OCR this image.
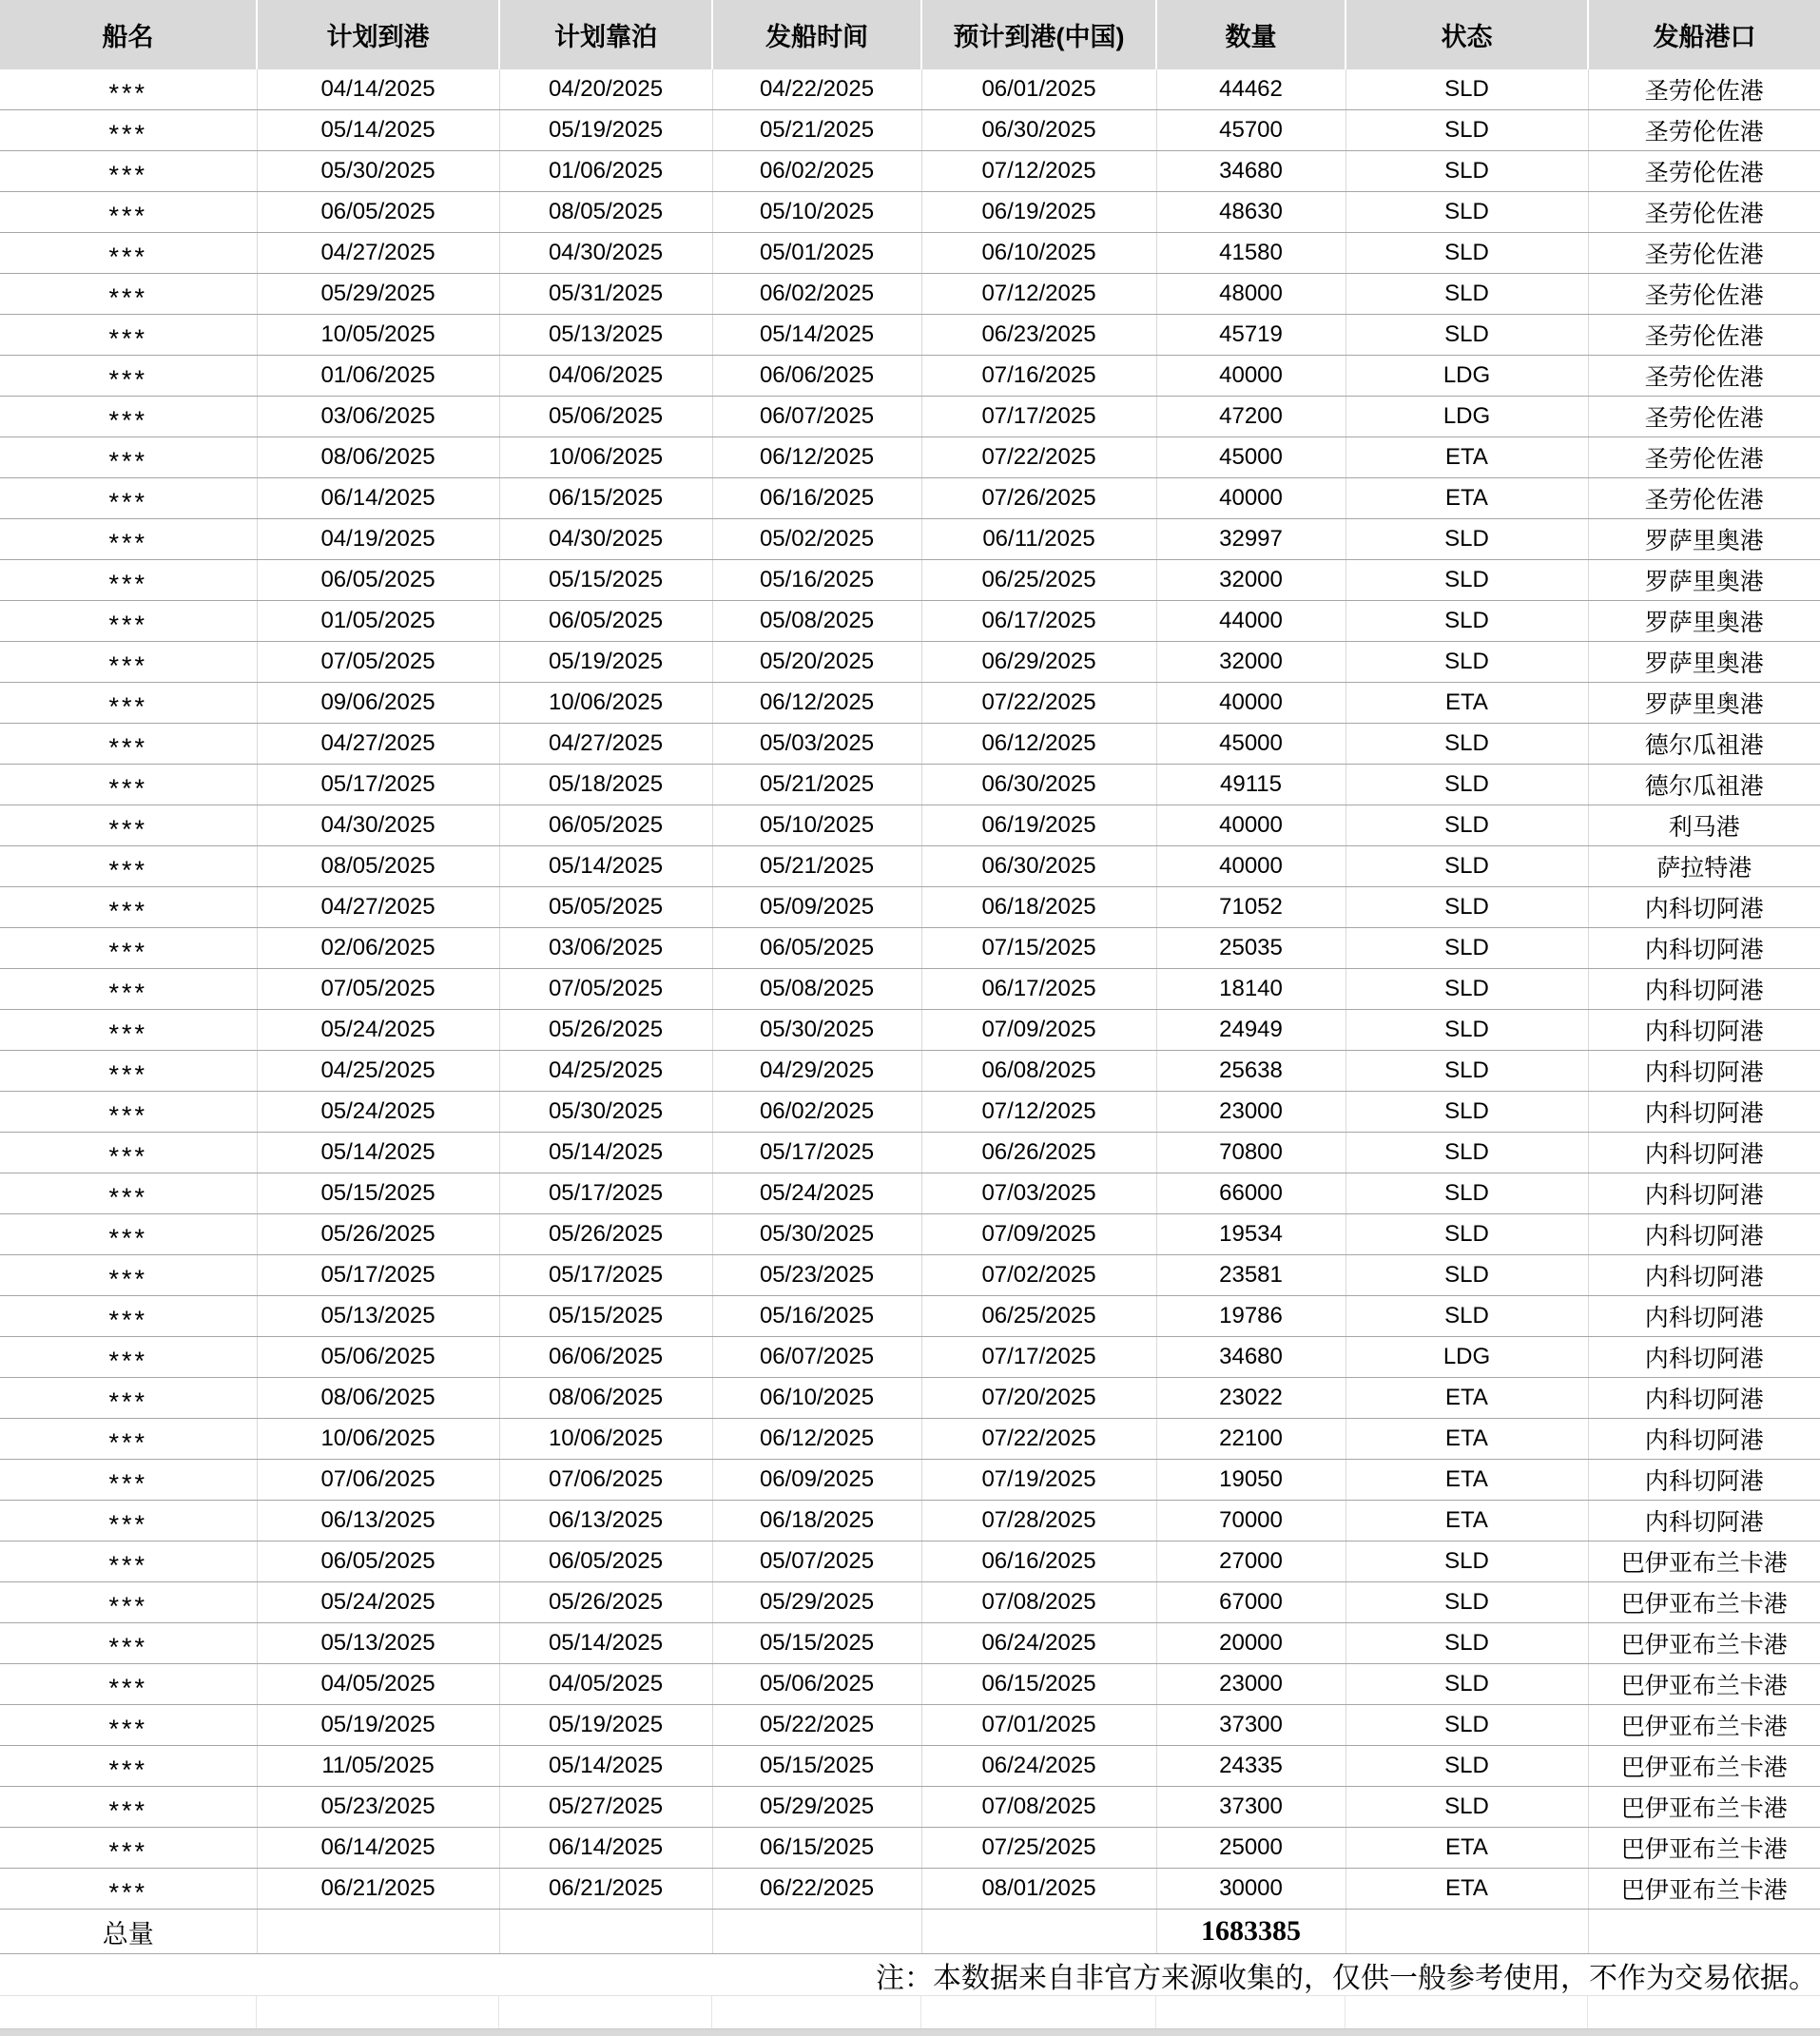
船名	计划到港	计划靠泊	发船时间	预计到港(中国)	数量	状态	发船港口
***	04/14/2025	04/20/2025	04/22/2025	06/01/2025	44462	SLD	圣劳伦佐港
***	05/14/2025	05/19/2025	05/21/2025	06/30/2025	45700	SLD	圣劳伦佐港
***	05/30/2025	01/06/2025	06/02/2025	07/12/2025	34680	SLD	圣劳伦佐港
***	06/05/2025	08/05/2025	05/10/2025	06/19/2025	48630	SLD	圣劳伦佐港
***	04/27/2025	04/30/2025	05/01/2025	06/10/2025	41580	SLD	圣劳伦佐港
***	05/29/2025	05/31/2025	06/02/2025	07/12/2025	48000	SLD	圣劳伦佐港
***	10/05/2025	05/13/2025	05/14/2025	06/23/2025	45719	SLD	圣劳伦佐港
***	01/06/2025	04/06/2025	06/06/2025	07/16/2025	40000	LDG	圣劳伦佐港
***	03/06/2025	05/06/2025	06/07/2025	07/17/2025	47200	LDG	圣劳伦佐港
***	08/06/2025	10/06/2025	06/12/2025	07/22/2025	45000	ETA	圣劳伦佐港
***	06/14/2025	06/15/2025	06/16/2025	07/26/2025	40000	ETA	圣劳伦佐港
***	04/19/2025	04/30/2025	05/02/2025	06/11/2025	32997	SLD	罗萨里奥港
***	06/05/2025	05/15/2025	05/16/2025	06/25/2025	32000	SLD	罗萨里奥港
***	01/05/2025	06/05/2025	05/08/2025	06/17/2025	44000	SLD	罗萨里奥港
***	07/05/2025	05/19/2025	05/20/2025	06/29/2025	32000	SLD	罗萨里奥港
***	09/06/2025	10/06/2025	06/12/2025	07/22/2025	40000	ETA	罗萨里奥港
***	04/27/2025	04/27/2025	05/03/2025	06/12/2025	45000	SLD	德尔瓜祖港
***	05/17/2025	05/18/2025	05/21/2025	06/30/2025	49115	SLD	德尔瓜祖港
***	04/30/2025	06/05/2025	05/10/2025	06/19/2025	40000	SLD	利马港
***	08/05/2025	05/14/2025	05/21/2025	06/30/2025	40000	SLD	萨拉特港
***	04/27/2025	05/05/2025	05/09/2025	06/18/2025	71052	SLD	内科切阿港
***	02/06/2025	03/06/2025	06/05/2025	07/15/2025	25035	SLD	内科切阿港
***	07/05/2025	07/05/2025	05/08/2025	06/17/2025	18140	SLD	内科切阿港
***	05/24/2025	05/26/2025	05/30/2025	07/09/2025	24949	SLD	内科切阿港
***	04/25/2025	04/25/2025	04/29/2025	06/08/2025	25638	SLD	内科切阿港
***	05/24/2025	05/30/2025	06/02/2025	07/12/2025	23000	SLD	内科切阿港
***	05/14/2025	05/14/2025	05/17/2025	06/26/2025	70800	SLD	内科切阿港
***	05/15/2025	05/17/2025	05/24/2025	07/03/2025	66000	SLD	内科切阿港
***	05/26/2025	05/26/2025	05/30/2025	07/09/2025	19534	SLD	内科切阿港
***	05/17/2025	05/17/2025	05/23/2025	07/02/2025	23581	SLD	内科切阿港
***	05/13/2025	05/15/2025	05/16/2025	06/25/2025	19786	SLD	内科切阿港
***	05/06/2025	06/06/2025	06/07/2025	07/17/2025	34680	LDG	内科切阿港
***	08/06/2025	08/06/2025	06/10/2025	07/20/2025	23022	ETA	内科切阿港
***	10/06/2025	10/06/2025	06/12/2025	07/22/2025	22100	ETA	内科切阿港
***	07/06/2025	07/06/2025	06/09/2025	07/19/2025	19050	ETA	内科切阿港
***	06/13/2025	06/13/2025	06/18/2025	07/28/2025	70000	ETA	内科切阿港
***	06/05/2025	06/05/2025	05/07/2025	06/16/2025	27000	SLD	巴伊亚布兰卡港
***	05/24/2025	05/26/2025	05/29/2025	07/08/2025	67000	SLD	巴伊亚布兰卡港
***	05/13/2025	05/14/2025	05/15/2025	06/24/2025	20000	SLD	巴伊亚布兰卡港
***	04/05/2025	04/05/2025	05/06/2025	06/15/2025	23000	SLD	巴伊亚布兰卡港
***	05/19/2025	05/19/2025	05/22/2025	07/01/2025	37300	SLD	巴伊亚布兰卡港
***	11/05/2025	05/14/2025	05/15/2025	06/24/2025	24335	SLD	巴伊亚布兰卡港
***	05/23/2025	05/27/2025	05/29/2025	07/08/2025	37300	SLD	巴伊亚布兰卡港
***	06/14/2025	06/14/2025	06/15/2025	07/25/2025	25000	ETA	巴伊亚布兰卡港
***	06/21/2025	06/21/2025	06/22/2025	08/01/2025	30000	ETA	巴伊亚布兰卡港
总量					1683385		
注：本数据来自非官方来源收集的，仅供一般参考使用，不作为交易依据。
